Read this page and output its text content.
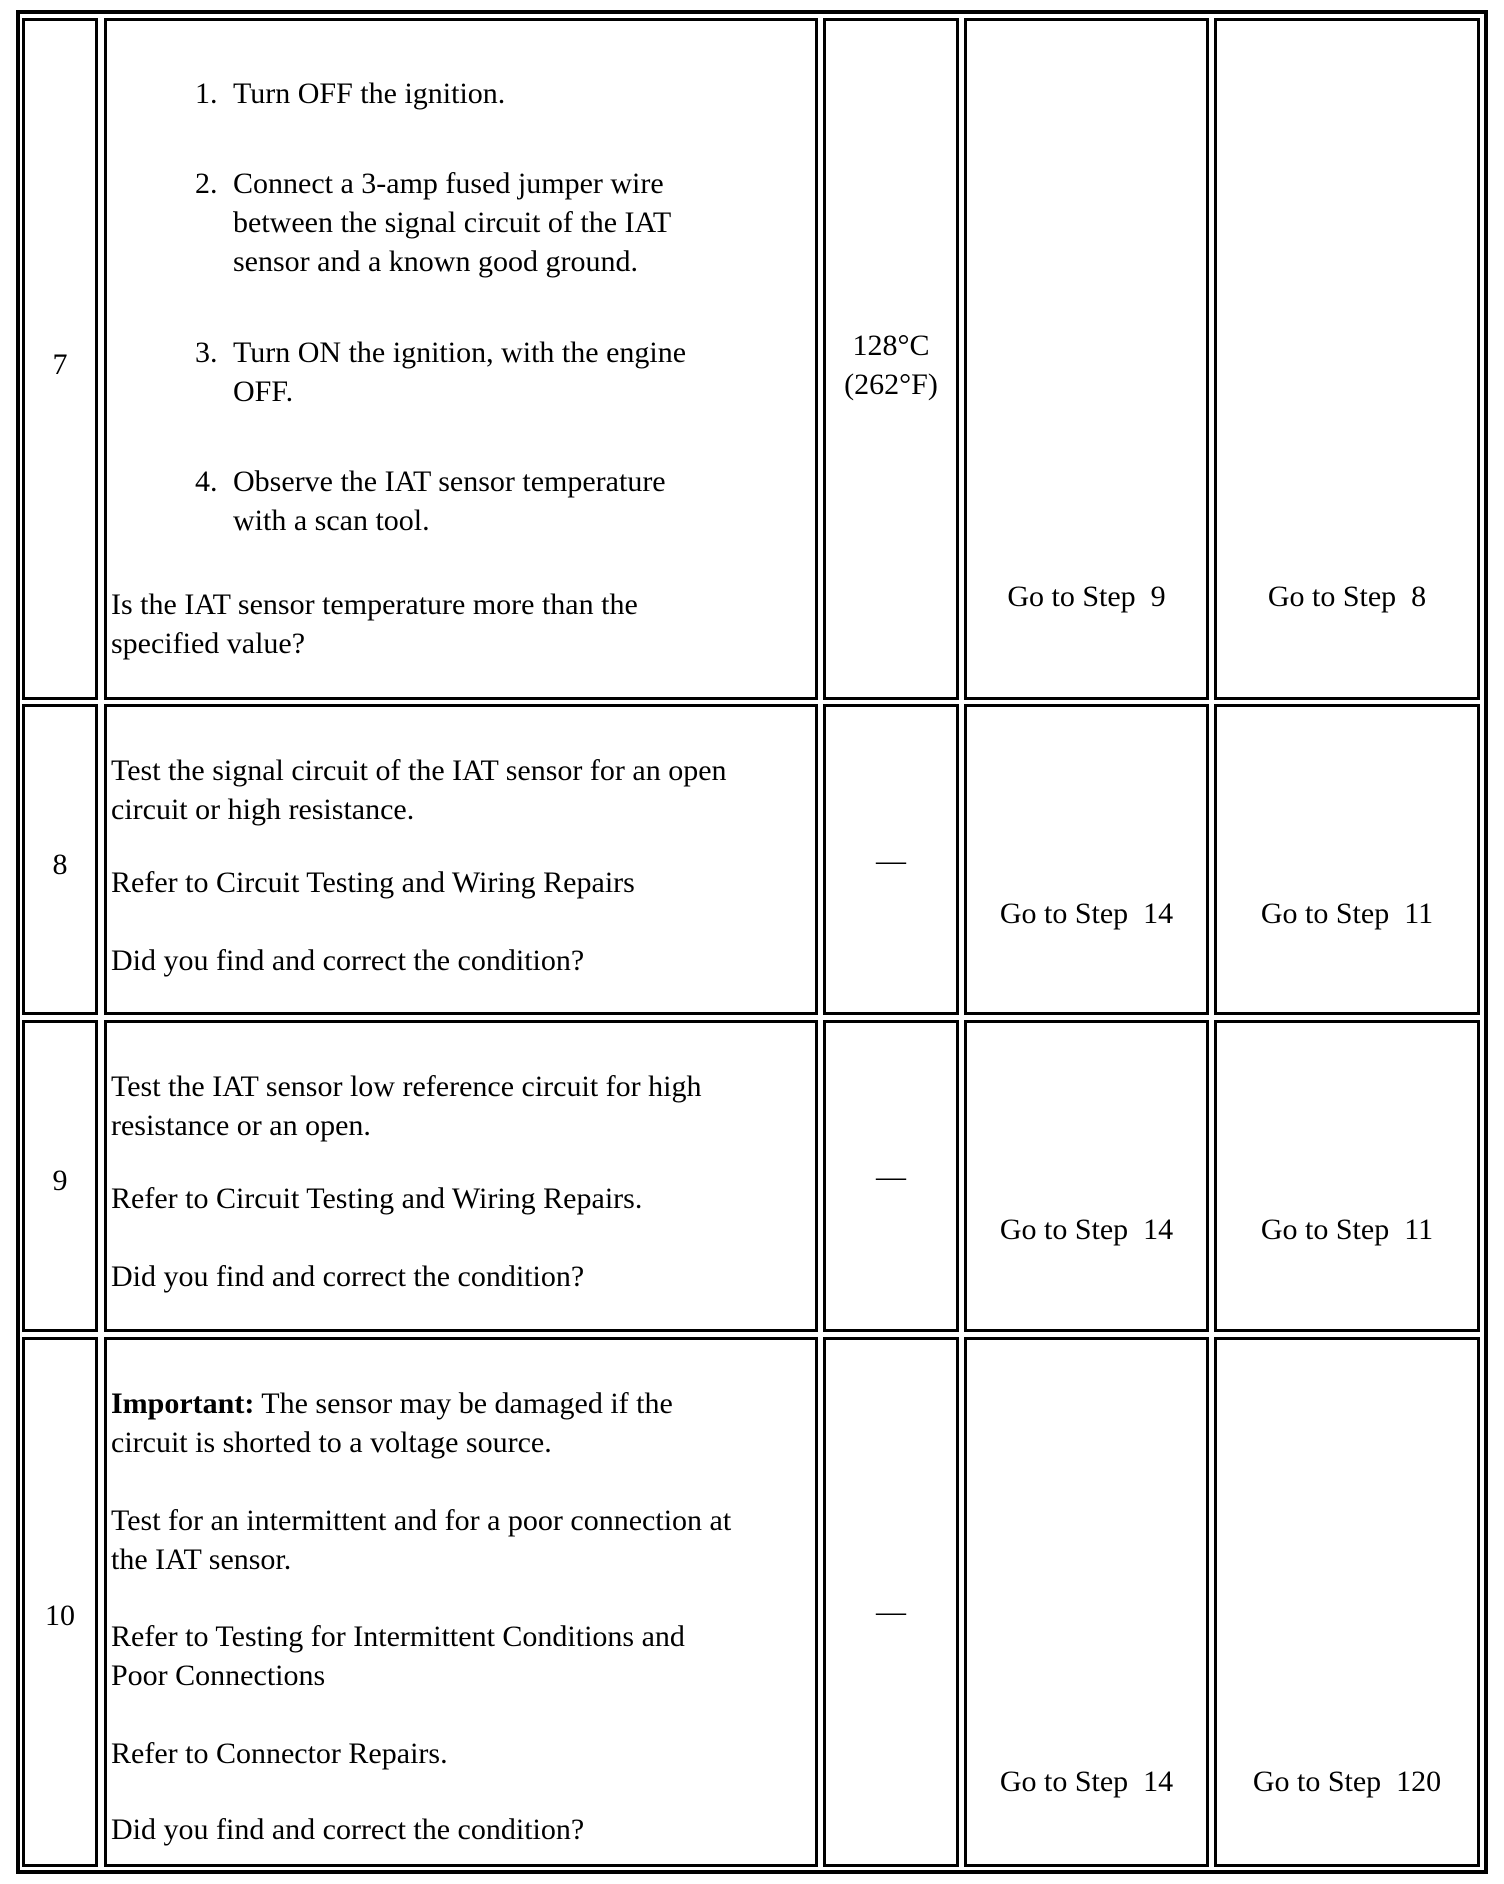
7
1. Turn OFF the ignition.
2. Connect a 3-amp fused jumper wire
between the signal circuit of the IAT
sensor and a known good ground.
3. Turn ON the ignition, with the engine
OFF.
4. Observe the IAT sensor temperature
with a scan tool.
Is the IAT sensor temperature more than the
specified value?
128°C
(262°F)
Go to Step  9	Go to Step  8
8
Test the signal circuit of the IAT sensor for an open
circuit or high resistance.
Refer to Circuit Testing and Wiring Repairs
Did you find and correct the condition?
—
Go to Step  14	Go to Step  11
9
Test the IAT sensor low reference circuit for high
resistance or an open.
Refer to Circuit Testing and Wiring Repairs.
Did you find and correct the condition?
—
Go to Step  14	Go to Step  11
10
Important: The sensor may be damaged if the
circuit is shorted to a voltage source.
Test for an intermittent and for a poor connection at
the IAT sensor.
Refer to Testing for Intermittent Conditions and
Poor Connections
Refer to Connector Repairs.
Did you find and correct the condition?
—
Go to Step  14	Go to Step  120
